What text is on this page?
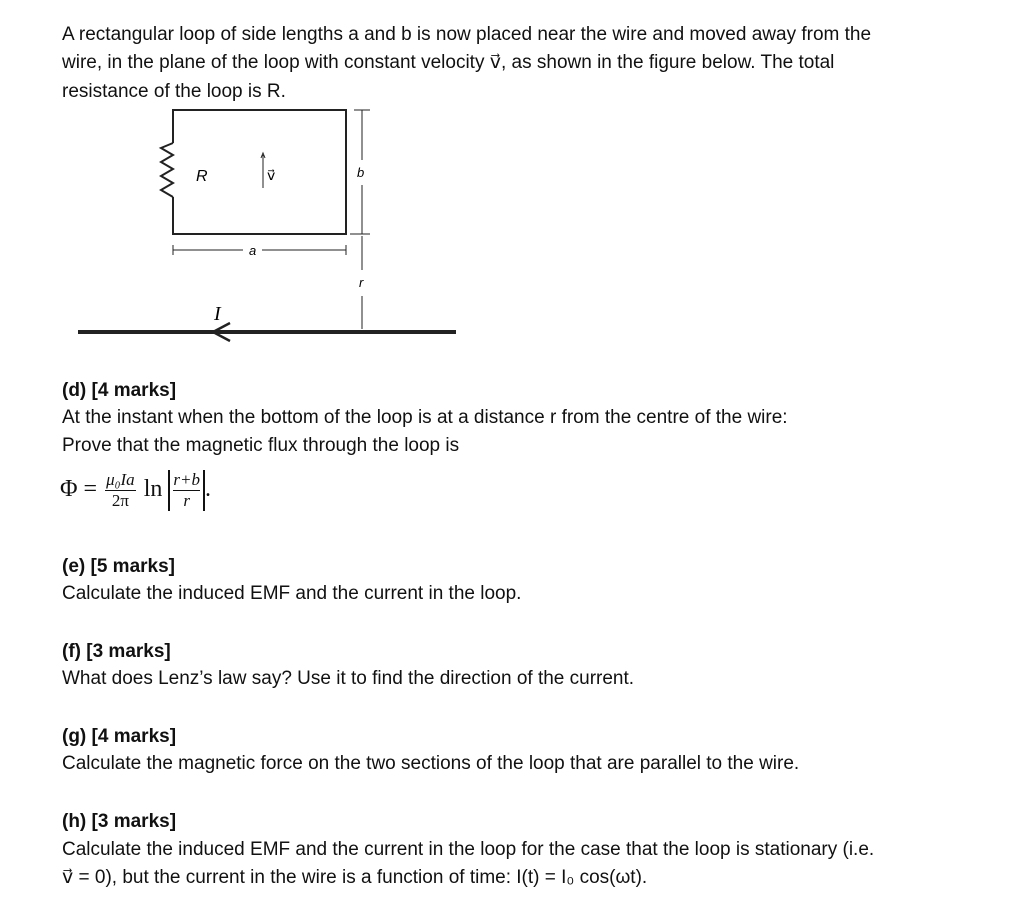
A rectangular loop of side lengths a and b is now placed near the wire and moved away from the
wire, in the plane of the loop with constant velocity v⃗, as shown in the figure below. The total
resistance of the loop is R.
R	v⃗	b
a
r
I
(d) [4 marks]
At the instant when the bottom of the loop is at a distance r from the centre of the wire:
Prove that the magnetic flux through the loop is
$\Phi = \frac{\text{μ₀Ia}}{2\pi}$ $\ln \frac{r+b}{r}$ .
(e) [5 marks]
Calculate the induced EMF and the current in the loop.
(f) [3 marks]
What does Lenz’s law say? Use it to find the direction of the current.
(g) [4 marks]
Calculate the magnetic force on the two sections of the loop that are parallel to the wire.
(h) [3 marks]
Calculate the induced EMF and the current in the loop for the case that the loop is stationary (i.e.
v⃗ = 0), but the current in the wire is a function of time: I(t) = I₀ cos(ωt).
